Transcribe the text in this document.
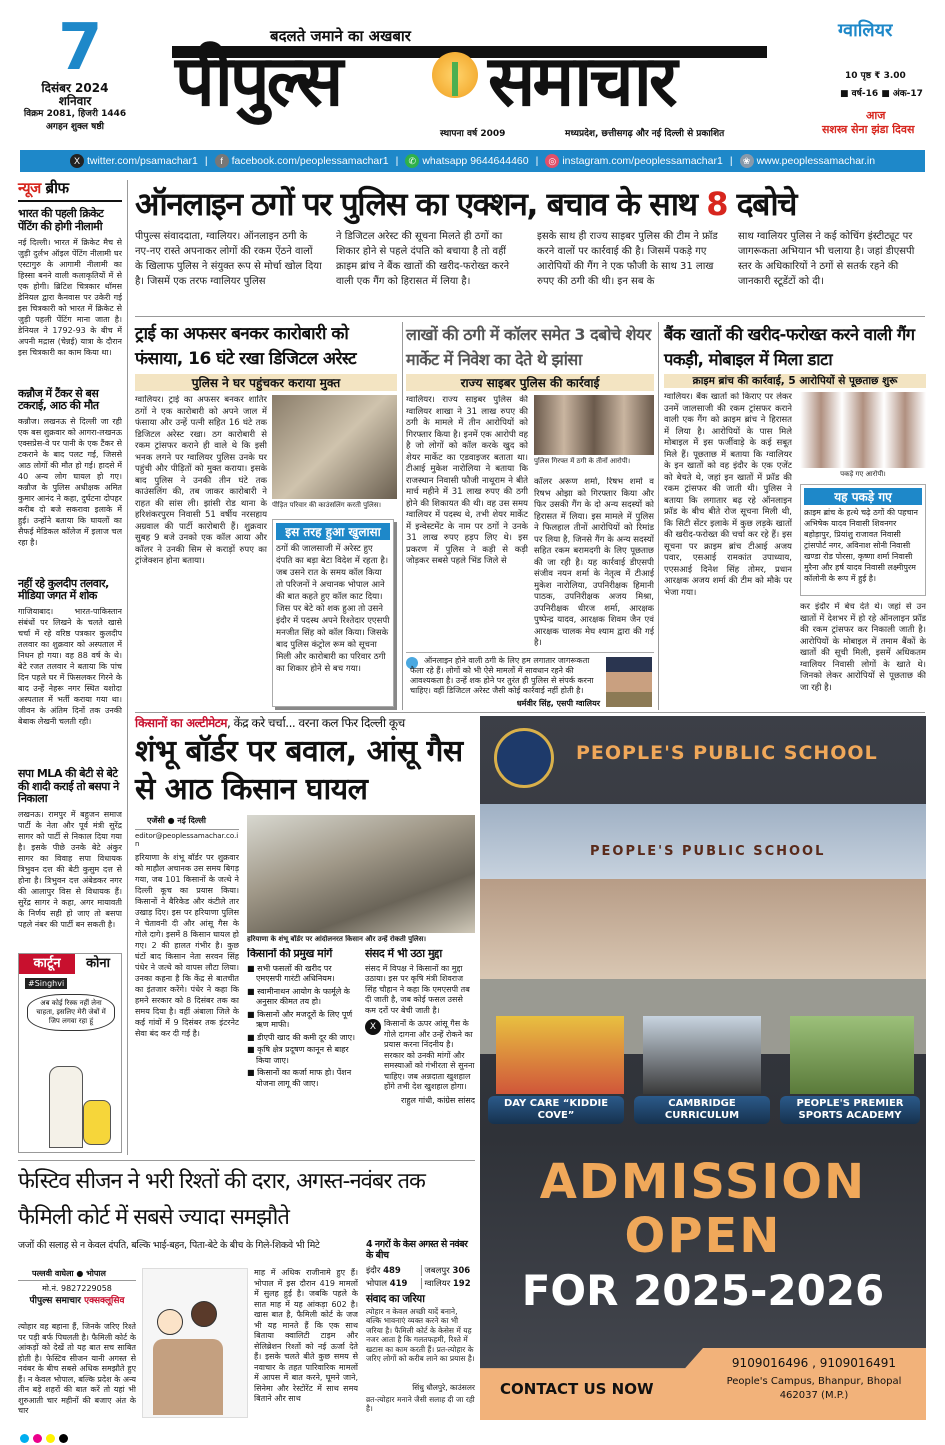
7
दिसंबर 2024
शनिवार
विक्रम 2081, हिजरी 1446
अगहन शुक्ल षष्ठी
बदलते जमाने का अखबार
पीपुल्स समाचार
स्थापना वर्ष 2009	मध्यप्रदेश, छत्तीसगढ़ और नई दिल्ली से प्रकाशित
ग्वालियर
10 पृष्ठ ₹ 3.00
■ वर्ष-16 ■ अंक-17
आज
सशस्त्र सेना झंडा दिवस
X twitter.com/psamachar1 |	f facebook.com/peoplessamachar1 |	✆ whatsapp 9644644460 |	◎ instagram.com/peoplessamachar1 |	❀ www.peoplessamachar.in
न्यूज ब्रीफ
भारत की पहली क्रिकेट पेंटिंग की होगी नीलामी
नई दिल्ली। भारत में क्रिकेट मैच से जुड़ी दुर्लभ ऑइल पेंटिंग नीलामी घर एस्टागुरु के आगामी नीलामी का हिस्सा बनने वाली कलाकृतियों में से एक होगी। ब्रिटिश चित्रकार थॉमस डेनियल द्वारा कैनवास पर उकेरी गई इस चित्रकारी को भारत में क्रिकेट से जुड़ी पहली पेंटिंग माना जाता है। डेनियल ने 1792-93 के बीच में अपनी मद्रास (चेन्नई) यात्रा के दौरान इस चित्रकारी का काम किया था।
कन्नौज में टैंकर से बस टकराई, आठ की मौत
कन्नौज। लखनऊ से दिल्ली जा रही एक बस शुक्रवार को आगरा-लखनऊ एक्सप्रेस-वे पर पानी के एक टैंकर से टकराने के बाद पलट गई, जिससे आठ लोगों की मौत हो गई। हादसे में 40 अन्य लोग घायल हो गए। कन्नौज के पुलिस अधीक्षक अमित कुमार आनंद ने कहा, दुर्घटना दोपहर करीब दो बजे सकरावा इलाके में हुई। उन्होंने बताया कि घायलों का सैफई मेडिकल कॉलेज में इलाज चल रहा है।
नहीं रहे कुलदीप तलवार, मीडिया जगत में शोक
गाजियाबाद। भारत-पाकिस्तान संबंधों पर लिखने के चलते खासे चर्चा में रहे वरिष्ठ पत्रकार कुलदीप तलवार का शुक्रवार को अस्पताल में निधन हो गया। वह 88 वर्ष के थे। बेटे रजत तलवार ने बताया कि पांच दिन पहले घर में फिसलकर गिरने के बाद उन्हें नेहरू नगर स्थित यशोदा अस्पताल में भर्ती कराया गया था। जीवन के अंतिम दिनों तक उनकी बेबाक लेखनी चलती रही।
सपा MLA की बेटी से बेटे की शादी कराई तो बसपा ने निकाला
लखनऊ। रामपुर में बहुजन समाज पार्टी के नेता और पूर्व मंत्री सुरेंद्र सागर को पार्टी से निकाल दिया गया है। इसके पीछे उनके बेटे अंकुर सागर का विवाह सपा विधायक त्रिभुवन दत्त की बेटी कुसुम दत्त से होना है। त्रिभुवन दत्त अंबेडकर नगर की आलापुर विस से विधायक हैं। सुरेंद्र सागर ने कहा, अगर मायावती के निर्णय सही हो जाए तो बसपा पहले नंबर की पार्टी बन सकती है।
कार्टून	कोना
#Singhvi
अब कोई रिस्क नहीं लेना चाहता, इसलिए मेरी जेबों में जिप लगवा रहा हूं
ऑनलाइन ठगों पर पुलिस का एक्शन, बचाव के साथ 8 दबोचे
पीपुल्स संवाददाता, ग्वालियर। ऑनलाइन ठगी के नए-नए रास्ते अपनाकर लोगों की रकम ऐंठने वालों के खिलाफ पुलिस ने संयुक्त रूप से मोर्चा खोल दिया है। जिसमें एक तरफ ग्वालियर पुलिस
ने डिजिटल अरेस्ट की सूचना मिलते ही ठगों का शिकार होने से पहले दंपति को बचाया है तो वहीं क्राइम ब्रांच ने बैंक खातों की खरीद-फरोख्त करने वाली एक गैंग को हिरासत में लिया है।
इसके साथ ही राज्य साइबर पुलिस की टीम ने फ्रॉड करने वालों पर कार्रवाई की है। जिसमें पकड़े गए आरोपियों की गैंग ने एक फौजी के साथ 31 लाख रुपए की ठगी की थी। इन सब के
साथ ग्वालियर पुलिस ने कई कोचिंग इंस्टीट्यूट पर जागरूकता अभियान भी चलाया है। जहां डीएसपी स्तर के अधिकारियों ने ठगों से सतर्क रहने की जानकारी स्टूडेंटों को दी।
ट्राई का अफसर बनकर कारोबारी को फंसाया, 16 घंटे रखा डिजिटल अरेस्ट
पुलिस ने घर पहुंचकर कराया मुक्त
ग्वालियर। ट्राई का अफसर बनकर शातिर ठगों ने एक कारोबारी को अपने जाल में फंसाया और उन्हें पत्नी सहित 16 घंटे तक डिजिटल अरेस्ट रखा। ठग कारोबारी से रकम ट्रांसफर कराने ही वाले थे कि इसी भनक लगने पर ग्वालियर पुलिस उनके घर पहुंची और पीड़ितों को मुक्त कराया। इसके बाद पुलिस ने उनकी तीन घंटे तक काउंसलिंग की, तब जाकर कारोबारी ने राहत की सांस ली। झांसी रोड थाना के हरिशंकरपुरम निवासी 51 वर्षीय नरसहाय अग्रवाल की पार्टी कारोबारी हैं। शुक्रवार सुबह 9 बजे उनको एक कॉल आया और कॉलर ने उनकी सिम से कराड़ों रुपए का ट्रांजेक्शन होना बताया।
पीड़ित परिवार की काउंसलिंग करती पुलिस।
इस तरह हुआ खुलासा
ठगों की जालसाजी में अरेस्ट हुए दंपति का बड़ा बेटा विदेश में रहता है। जब उसने रात के समय कॉल किया तो परिजनों ने अचानक भोपाल आने की बात कहते हुए कॉल काट दिया। जिस पर बेटे को शक हुआ तो उसने इंदौर में पदस्थ अपने रिश्तेदार एएसपी मनजीत सिंह को कॉल किया। जिसके बाद पुलिस कंट्रोल रूम को सूचना मिली और कारोबारी का परिवार ठगी का शिकार होने से बच गया।
लाखों की ठगी में कॉलर समेत 3 दबोचे शेयर मार्केट में निवेश का देते थे झांसा
राज्य साइबर पुलिस की कार्रवाई
ग्वालियर। राज्य साइबर पुलिस की ग्वालियर शाखा ने 31 लाख रुपए की ठगी के मामले में तीन आरोपियों को गिरफ्तार किया है। इनमें एक आरोपी वह है जो लोगों को कॉल करके खुद को शेयर मार्केट का एडवाइजर बताता था। टीआई मुकेश नारोलिया ने बताया कि राजस्थान निवासी फौजी नाथूराम ने बीते मार्च महीने में 31 लाख रुपए की ठगी होने की शिकायत की थी। वह उस समय ग्वालियर में पदस्थ थे, तभी शेयर मार्केट में इन्वेस्टमेंट के नाम पर ठगों ने उनके 31 लाख रुपए हड़प लिए थे। इस प्रकरण में पुलिस ने कड़ी से कड़ी जोड़कर सबसे पहले भिंड जिले से
पुलिस गिरफ्त में ठगी के तीनों आरोपी।
कॉलर अरूण शर्मा, रिषभ शर्मा व रिषभ ओझा को गिरफ्तार किया और फिर उसकी गैंग के दो अन्य सदस्यों को हिरासत में लिया। इस मामले में पुलिस ने फिलहाल तीनों आरोपियों को रिमांड पर लिया है, जिनसे गैंग के अन्य सदस्यों सहित रकम बरामदगी के लिए पूछताछ की जा रही है। यह कार्रवाई डीएसपी संजीव नयन शर्मा के नेतृत्व में टीआई मुकेश नारोलिया, उपनिरीक्षक हिमानी पाठक, उपनिरीक्षक अजय मिश्रा, उपनिरीक्षक धीरज शर्मा, आरक्षक पुष्पेन्द्र यादव, आरक्षक शिवम जैन एवं आरक्षक चालक मेघ श्याम द्वारा की गई है।
ऑनलाइन होने वाली ठगी के लिए हम लगातार जागरूकता फैला रहे हैं। लोगों को भी ऐसे मामलों में सावधान रहने की आवश्यकता है। उन्हें शक होने पर तुरंत ही पुलिस से संपर्क करना चाहिए। वहीं डिजिटल अरेस्ट जैसी कोई कार्रवाई नहीं होती है।
धर्मवीर सिंह, एसपी ग्वालियर
बैंक खातों की खरीद-फरोख्त करने वाली गैंग पकड़ी, मोबाइल में मिला डाटा
क्राइम ब्रांच की कार्रवाई, 5 आरोपियों से पूछताछ शुरू
ग्वालियर। बैंक खातों को किराए पर लेकर उनमें जालसाजी की रकम ट्रांसफर कराने वाली एक गैंग को क्राइम ब्रांच ने हिरासत में लिया है। आरोपियों के पास मिले मोबाइल में इस फर्जीवाड़े के कई सबूत मिले हैं। पूछताछ में बताया कि ग्वालियर के इन खातों को वह इंदौर के एक एजेंट को बेचते थे, जहां इन खातों में फ्रॉड की रकम ट्रांसफर की जाती थी। पुलिस ने बताया कि लगातार बढ़ रहे ऑनलाइन फ्रॉड के बीच बीते रोज सूचना मिली थी, कि सिटी सेंटर इलाके में कुछ लड़के खातों की खरीद-फरोख्त की चर्चा कर रहे हैं। इस सूचना पर क्राइम ब्रांच टीआई अजय पवार, एसआई रामकांत उपाध्याय, एएसआई दिनेश सिंह तोमर, प्रधान आरक्षक अजय शर्मा की टीम को मौके पर भेजा गया।
पकड़े गए आरोपी।
यह पकड़े गए
क्राइम ब्रांच के हत्थे चढ़े ठगों की पहचान अभिषेक यादव निवासी शिवनगर बहोड़ापुर, प्रियांशु राजावत निवासी ट्रांसपोर्ट नगर, अविनाश सोनी निवासी खण्डा रोड पोरसा, कृष्णा शर्मा निवासी मुरैना और हर्ष यादव निवासी लक्ष्मीपुरम कॉलोनी के रूप में हुई है।
कर इंदौर में बेच देते थे। जहां से उन खातों में देशभर में हो रहे ऑनलाइन फ्रॉड की रकम ट्रांसफर कर निकाली जाती है। आरोपियों के मोबाइल में तमाम बैंकों के खातों की सूची मिली, इसमें अधिकतम ग्वालियर निवासी लोगों के खाते थे। जिनको लेकर आरोपियों से पूछताछ की जा रही है।
किसानों का अल्टीमेटम, केंद्र करे चर्चा... वरना कल फिर दिल्ली कूच
शंभू बॉर्डर पर बवाल, आंसू गैस से आठ किसान घायल
एजेंसी ● नई दिल्ली
editor@peoplessamachar.co.in
हरियाणा के शंभू बॉर्डर पर शुक्रवार को माहौल अचानक उस समय बिगड़ गया, जब 101 किसानों के जत्थे ने दिल्ली कूच का प्रयास किया। किसानों ने बैरिकेड और कंटीले तार उखाड़ दिए। इस पर हरियाणा पुलिस ने चेतावनी दी और आंसू गैस के गोले दागे। इसमें 8 किसान घायल हो गए। 2 की हालत गंभीर है। कुछ घंटों बाद किसान नेता सरवन सिंह पंधेर ने जत्थे को वापस लौटा लिया। उनका कहना है कि केंद्र से बातचीत का इंतजार करेंगे। पंधेर ने कहा कि हमने सरकार को 8 दिसंबर तक का समय दिया है। वहीं अंबाला जिले के कई गांवों में 9 दिसंबर तक इंटरनेट सेवा बंद कर दी गई है।
हरियाणा के शंभू बॉर्डर पर आंदोलनरत किसान और उन्हें रोकती पुलिस।
किसानों की प्रमुख मांगें
■ सभी फसलों की खरीद पर एमएसपी गारंटी अधिनियम।
■ स्वामीनाथन आयोग के फार्मूले के अनुसार कीमत तय हो।
■ किसानों और मजदूरों के लिए पूर्ण ऋण माफी।
■ डीएपी खाद की कमी दूर की जाए।
■ कृषि क्षेत्र प्रदूषण कानून से बाहर किया जाए।
■ किसानों का कर्जा माफ हो। पेंशन योजना लागू की जाए।
संसद में भी उठा मुद्दा
संसद में विपक्ष ने किसानों का मुद्दा उठाया। इस पर कृषि मंत्री शिवराज सिंह चौहान ने कहा कि एमएसपी तब दी जाती है, जब कोई फसल उससे कम दरों पर बेची जाती है।
X किसानों के ऊपर आंसू गैस के गोले दागना और उन्हें रोकने का प्रयास करना निंदनीय है। सरकार को उनकी मांगों और समस्याओं को गंभीरता से सुनना चाहिए। जब अन्नदाता खुशहाल होंगे तभी देश खुशहाल होगा।
राहुल गांधी, कांग्रेस सांसद
PEOPLE'S PUBLIC SCHOOL
PEOPLE'S PUBLIC SCHOOL
DAY CARE “KIDDIE COVE”
CAMBRIDGE CURRICULUM
PEOPLE'S PREMIER SPORTS ACADEMY
ADMISSION
OPEN
FOR 2025-2026
CONTACT US NOW
9109016496 , 9109016491
People's Campus, Bhanpur, Bhopal
462037 (M.P.)
फेस्टिव सीजन ने भरी रिश्तों की दरार, अगस्त-नवंबर तक फैमिली कोर्ट में सबसे ज्यादा समझौते
जजों की सलाह से न केवल दंपति, बल्कि भाई-बहन, पिता-बेटे के बीच के गिले-शिकवे भी मिटे
पल्लवी वाघेला ● भोपाल
मो.नं. 9827229058
पीपुल्स समाचार एक्सक्लूसिव
त्योहार वह बहाना हैं, जिनके जरिए रिश्ते पर पड़ी बर्फ पिघलती है। फैमिली कोर्ट के आंकड़ों को देखें तो यह बात सच साबित होती है। फेस्टिव सीजन यानी अगस्त से नवंबर के बीच सबसे अधिक समझौते हुए हैं। न केवल भोपाल, बल्कि प्रदेश के अन्य तीन बड़े शहरों की बात करें तो यहां भी शुरुआती चार महीनों की बजाए अंत के चार
माह में अधिक राजीनामे हुए हैं। भोपाल में इस दौरान 419 मामलों में सुलह हुई है। जबकि पहले के सात माह में यह आंकड़ा 602 है। खास बात है, फैमिली कोर्ट के जज भी यह मानते हैं कि एक साथ बिताया क्वालिटी टाइम और सेलिब्रेशन रिश्तों को नई ऊर्जा देते हैं। इसके चलते बीते कुछ समय से नवाचार के तहत पारिवारिक मामलों में आपस में बात करने, घूमने जाने, सिनेमा और रेस्टोरेंट में साथ समय बिताने और साथ
4 नगरों के केस अगस्त से नवंबर के बीच
इंदौर 489	जबलपुर 306
भोपाल 419	ग्वालियर 192
संवाद का जरिया
त्योहार न केवल अच्छी यादें बनाने, बल्कि भावनाएं व्यक्त करने का भी जरिया है। फैमिली कोर्ट के केसेस में यह नजर आता है कि गलतफहमी, रिश्ते में खटास का काम करती हैं। प्रत-त्योहार के जरिए लोगों को करीब लाने का प्रयास है।
सिंधु धौलपुरे, काउंसलर
व्रत-त्योहार मनाने जैसी सलाह दी जा रही है।
